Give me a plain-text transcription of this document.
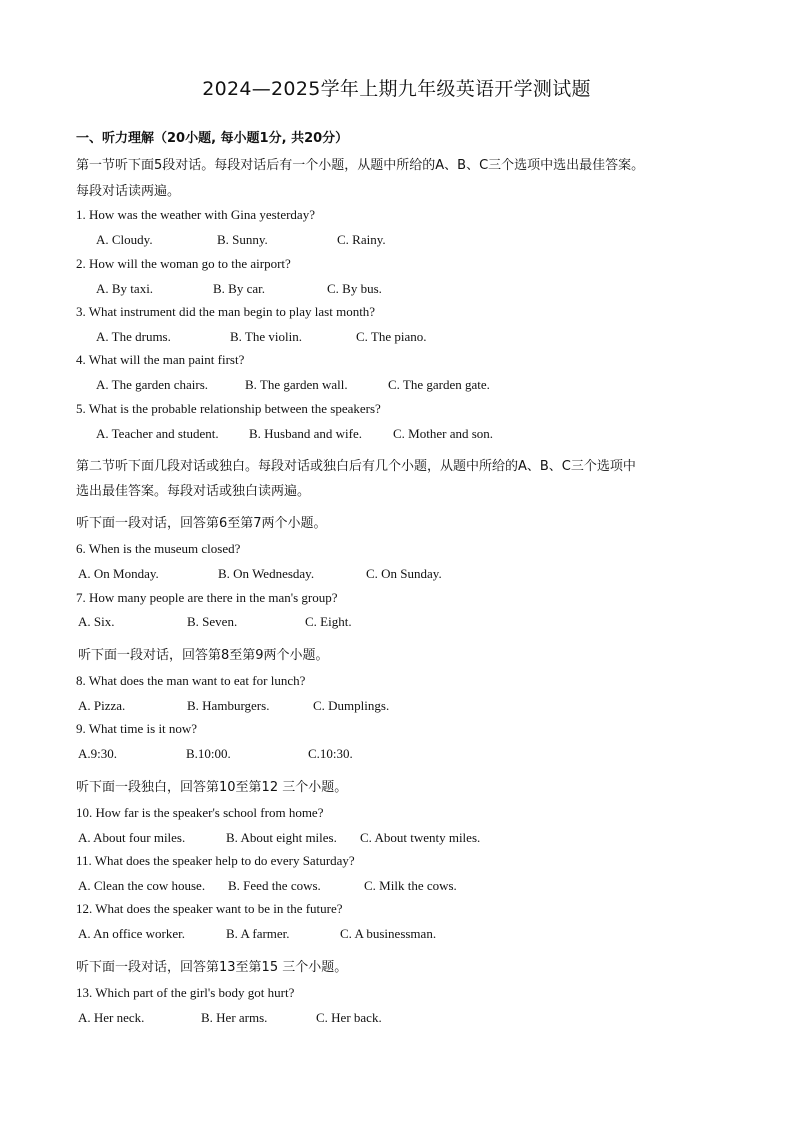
2024—2025学年上期九年级英语开学测试题
一、听力理解（20小题, 每小题1分, 共20分）
第一节听下面5段对话。每段对话后有一个小题，从题中所给的A、B、C三个选项中选出最佳答案。
每段对话读两遍。
1. How was the weather with Gina yesterday?
A. Cloudy.	B. Sunny.	C. Rainy.
2. How will the woman go to the airport?
A. By taxi.	B. By car.	C. By bus.
3. What instrument did the man begin to play last month?
A. The drums.	B. The violin.	C. The piano.
4. What will the man paint first?
A. The garden chairs.	B. The garden wall.	C. The garden gate.
5. What is the probable relationship between the speakers?
A. Teacher and student. B. Husband and wife. C. Mother and son.
第二节听下面几段对话或独白。每段对话或独白后有几个小题，从题中所给的A、B、C三个选项中
选出最佳答案。每段对话或独白读两遍。
听下面一段对话，回答第6至第7两个小题。
6. When is the museum closed?
A. On Monday.	B. On Wednesday.	C. On Sunday.
7. How many people are there in the man's group?
A. Six.	B. Seven.	C. Eight.
听下面一段对话，回答第8至第9两个小题。
8. What does the man want to eat for lunch?
A. Pizza.	B. Hamburgers.	C. Dumplings.
9. What time is it now?
A.9:30.	B.10:00.	C.10:30.
听下面一段独白，回答第10至第12 三个小题。
10. How far is the speaker's school from home?
A. About four miles.	B. About eight miles. C. About twenty miles.
11. What does the speaker help to do every Saturday?
A. Clean the cow house. B. Feed the cows.	C. Milk the cows.
12. What does the speaker want to be in the future?
A. An office worker.	B. A farmer.	C. A businessman.
听下面一段对话，回答第13至第15 三个小题。
13. Which part of the girl's body got hurt?
A. Her neck.	B. Her arms.	C. Her back.
